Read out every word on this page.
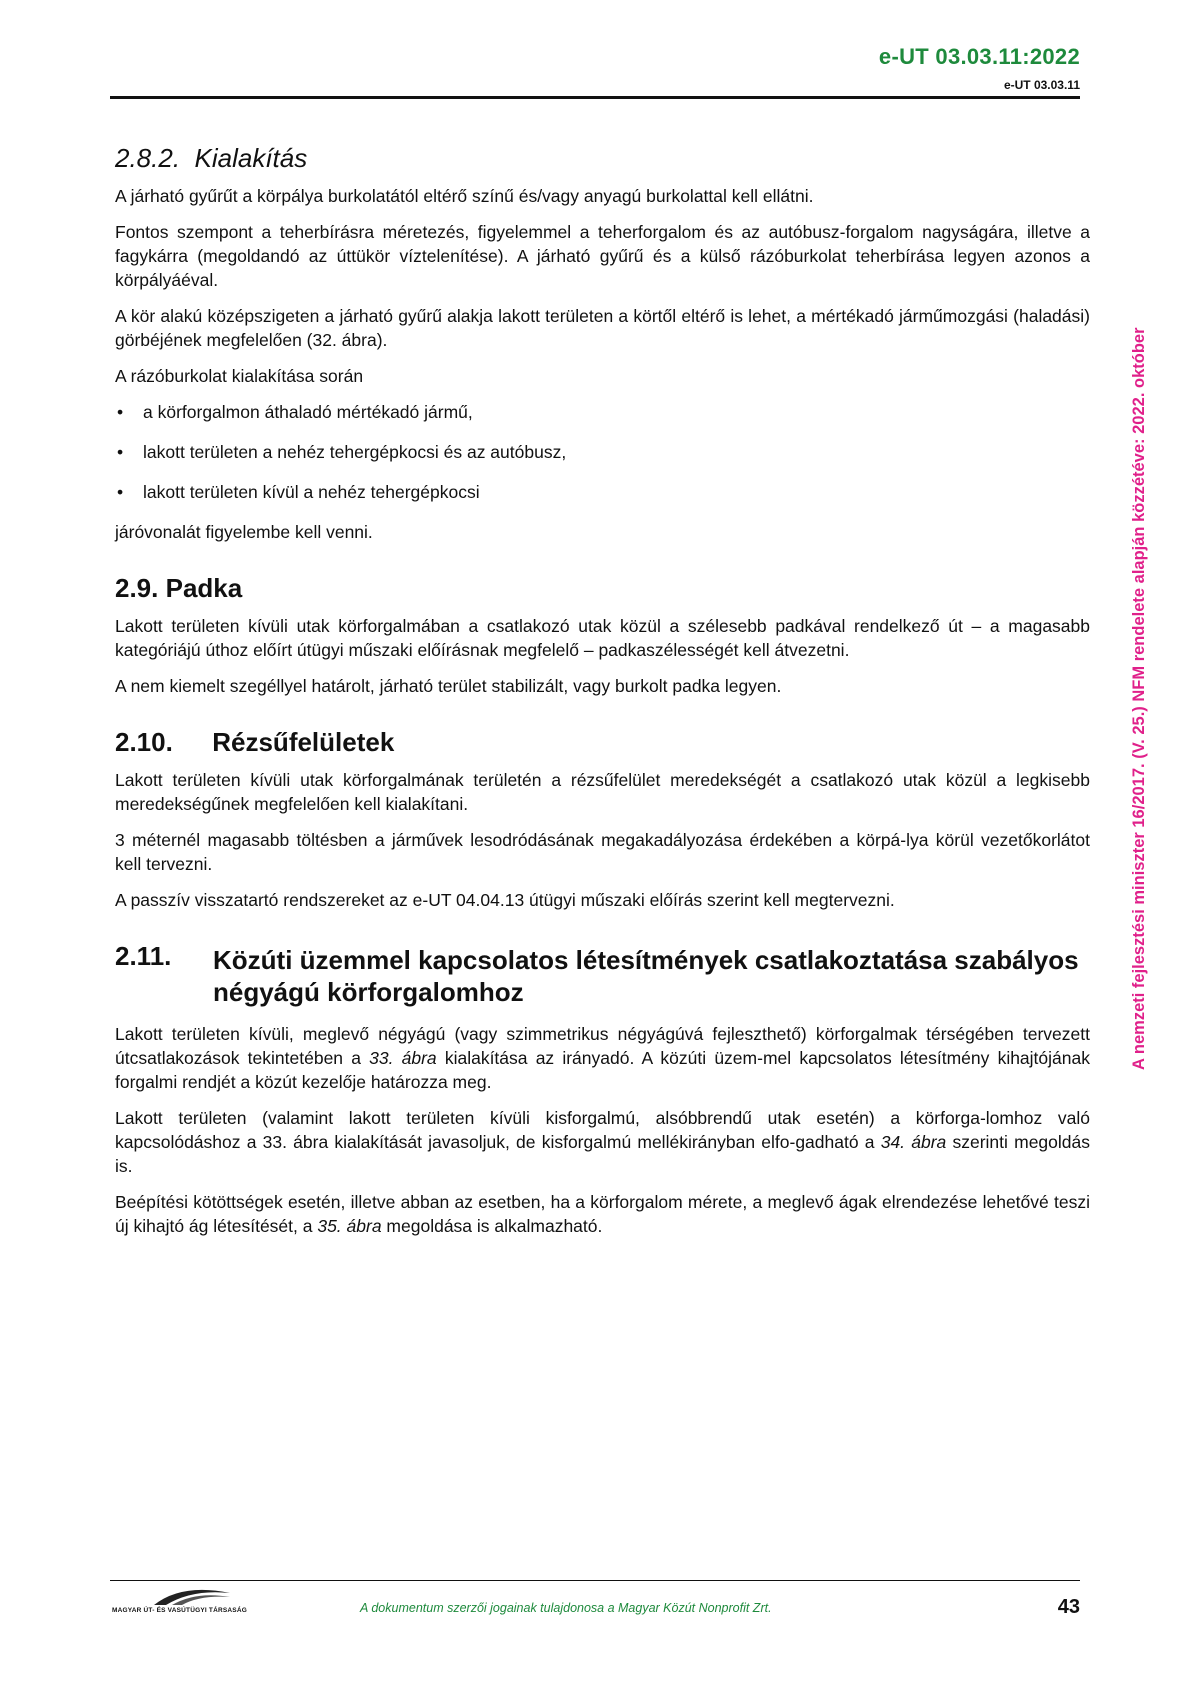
e-UT 03.03.11:2022
e-UT 03.03.11
A nemzeti fejlesztési miniszter 16/2017. (V. 25.) NFM rendelete alapján közzétéve: 2022. október
2.8.2. Kialakítás

A járható gyűrűt a körpálya burkolatától eltérő színű és/vagy anyagú burkolattal kell ellátni.

Fontos szempont a teherbírásra méretezés, figyelemmel a teherforgalom és az autóbusz-forgalom nagyságára, illetve a fagykárra (megoldandó az úttükör víztelenítése). A járható gyűrű és a külső rázóburkolat teherbírása legyen azonos a körpályáéval.

A kör alakú középszigeten a járható gyűrű alakja lakott területen a körtől eltérő is lehet, a mértékadó járműmozgási (haladási) görbéjének megfelelően (32. ábra).

A rázóburkolat kialakítása során

• a körforgalmon áthaladó mértékadó jármű,
• lakott területen a nehéz tehergépkocsi és az autóbusz,
• lakott területen kívül a nehéz tehergépkocsi

járóvonalát figyelembe kell venni.

2.9. Padka

Lakott területen kívüli utak körforgalmában a csatlakozó utak közül a szélesebb padkával rendelkező út – a magasabb kategóriájú úthoz előírt útügyi műszaki előírásnak megfelelő – padkaszélességét kell átvezetni.

A nem kiemelt szegéllyel határolt, járható terület stabilizált, vagy burkolt padka legyen.

2.10. Rézsűfelületek

Lakott területen kívüli utak körforgalmának területén a rézsűfelület meredekségét a csatlakozó utak közül a legkisebb meredekségűnek megfelelően kell kialakítani.

3 méternél magasabb töltésben a járművek lesodródásának megakadályozása érdekében a körpá-lya körül vezetőkorlátot kell tervezni.

A passzív visszatartó rendszereket az e-UT 04.04.13 útügyi műszaki előírás szerint kell megtervezni.

2.11.	Közúti üzemmel kapcsolatos létesítmények csatlakoztatása szabályos négyágú körforgalomhoz

Lakott területen kívüli, meglevő négyágú (vagy szimmetrikus négyágúvá fejleszthető) körforgalmak térségében tervezett útcsatlakozások tekintetében a 33. ábra kialakítása az irányadó. A közúti üzem-mel kapcsolatos létesítmény kihajtójának forgalmi rendjét a közút kezelője határozza meg.

Lakott területen (valamint lakott területen kívüli kisforgalmú, alsóbbrendű utak esetén) a körforga-lomhoz való kapcsolódáshoz a 33. ábra kialakítását javasoljuk, de kisforgalmú mellékirányban elfo-gadható a 34. ábra szerinti megoldás is.

Beépítési kötöttségek esetén, illetve abban az esetben, ha a körforgalom mérete, a meglevő ágak elrendezése lehetővé teszi új kihajtó ág létesítését, a 35. ábra megoldása is alkalmazható.

MAGYAR ÚT- ÉS VASÚTÜGYI TÁRSASÁG	A dokumentum szerzői jogainak tulajdonosa a Magyar Közút Nonprofit Zrt.	43
